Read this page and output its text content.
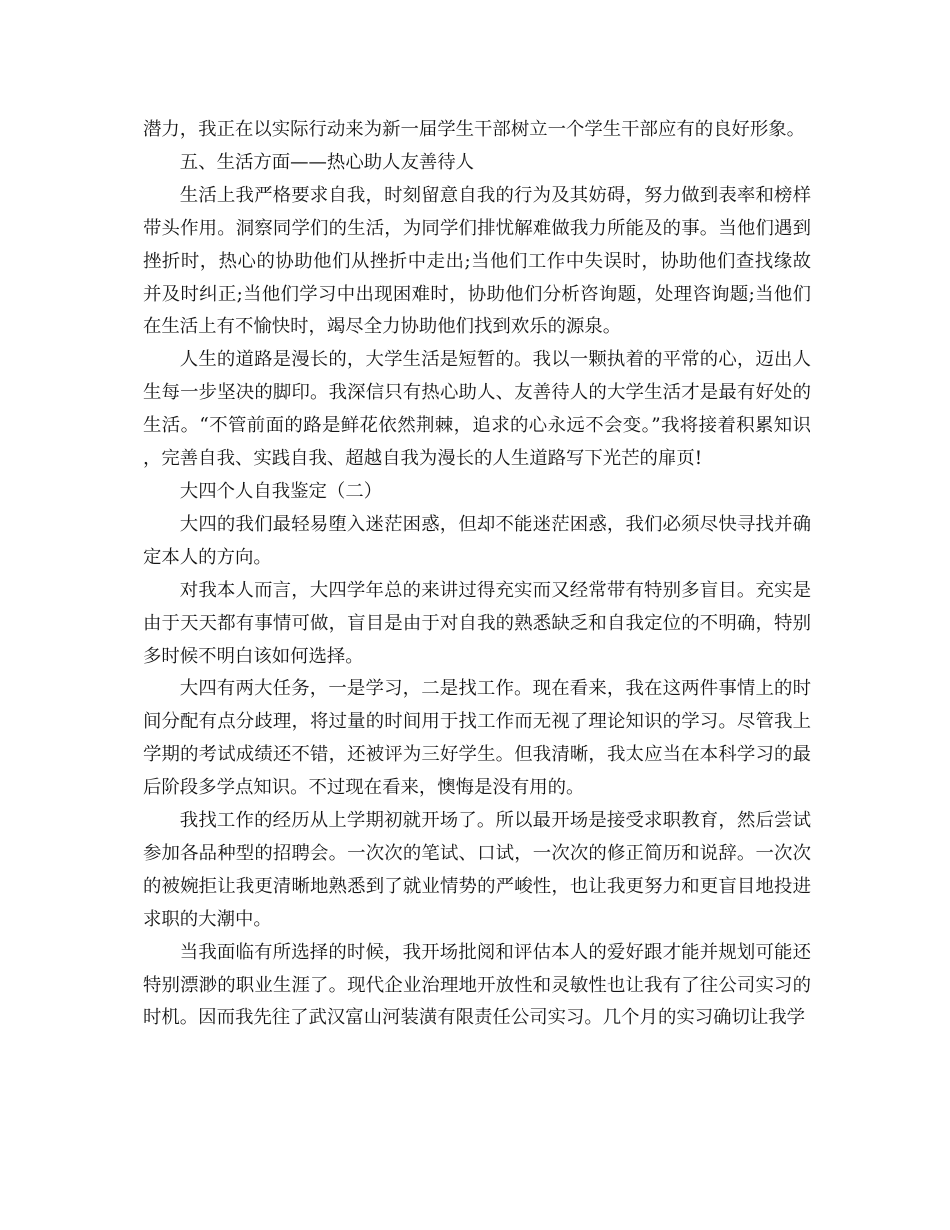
潜力，我正在以实际行动来为新一届学生干部树立一个学生干部应有的良好形象。

五、生活方面——热心助人友善待人

生活上我严格要求自我，时刻留意自我的行为及其妨碍，努力做到表率和榜样带头作用。洞察同学们的生活，为同学们排忧解难做我力所能及的事。当他们遇到挫折时，热心的协助他们从挫折中走出;当他们工作中失误时，协助他们查找缘故并及时纠正;当他们学习中出现困难时，协助他们分析咨询题，处理咨询题;当他们在生活上有不愉快时，竭尽全力协助他们找到欢乐的源泉。

人生的道路是漫长的，大学生活是短暂的。我以一颗执着的平常的心，迈出人生每一步坚决的脚印。我深信只有热心助人、友善待人的大学生活才是最有好处的生活。“不管前面的路是鲜花依然荆棘，追求的心永远不会变。”我将接着积累知识，完善自我、实践自我、超越自我为漫长的人生道路写下光芒的扉页!

大四个人自我鉴定（二）

大四的我们最轻易堕入迷茫困惑，但却不能迷茫困惑，我们必须尽快寻找并确定本人的方向。

对我本人而言，大四学年总的来讲过得充实而又经常带有特别多盲目。充实是由于天天都有事情可做，盲目是由于对自我的熟悉缺乏和自我定位的不明确，特别多时候不明白该如何选择。

大四有两大任务，一是学习，二是找工作。现在看来，我在这两件事情上的时间分配有点分歧理，将过量的时间用于找工作而无视了理论知识的学习。尽管我上学期的考试成绩还不错，还被评为三好学生。但我清晰，我太应当在本科学习的最后阶段多学点知识。不过现在看来，懊悔是没有用的。

我找工作的经历从上学期初就开场了。所以最开场是接受求职教育，然后尝试参加各品种型的招聘会。一次次的笔试、口试，一次次的修正简历和说辞。一次次的被婉拒让我更清晰地熟悉到了就业情势的严峻性，也让我更努力和更盲目地投进求职的大潮中。

当我面临有所选择的时候，我开场批阅和评估本人的爱好跟才能并规划可能还特别漂渺的职业生涯了。现代企业治理地开放性和灵敏性也让我有了往公司实习的时机。因而我先往了武汉富山河装潢有限责任公司实习。几个月的实习确切让我学
